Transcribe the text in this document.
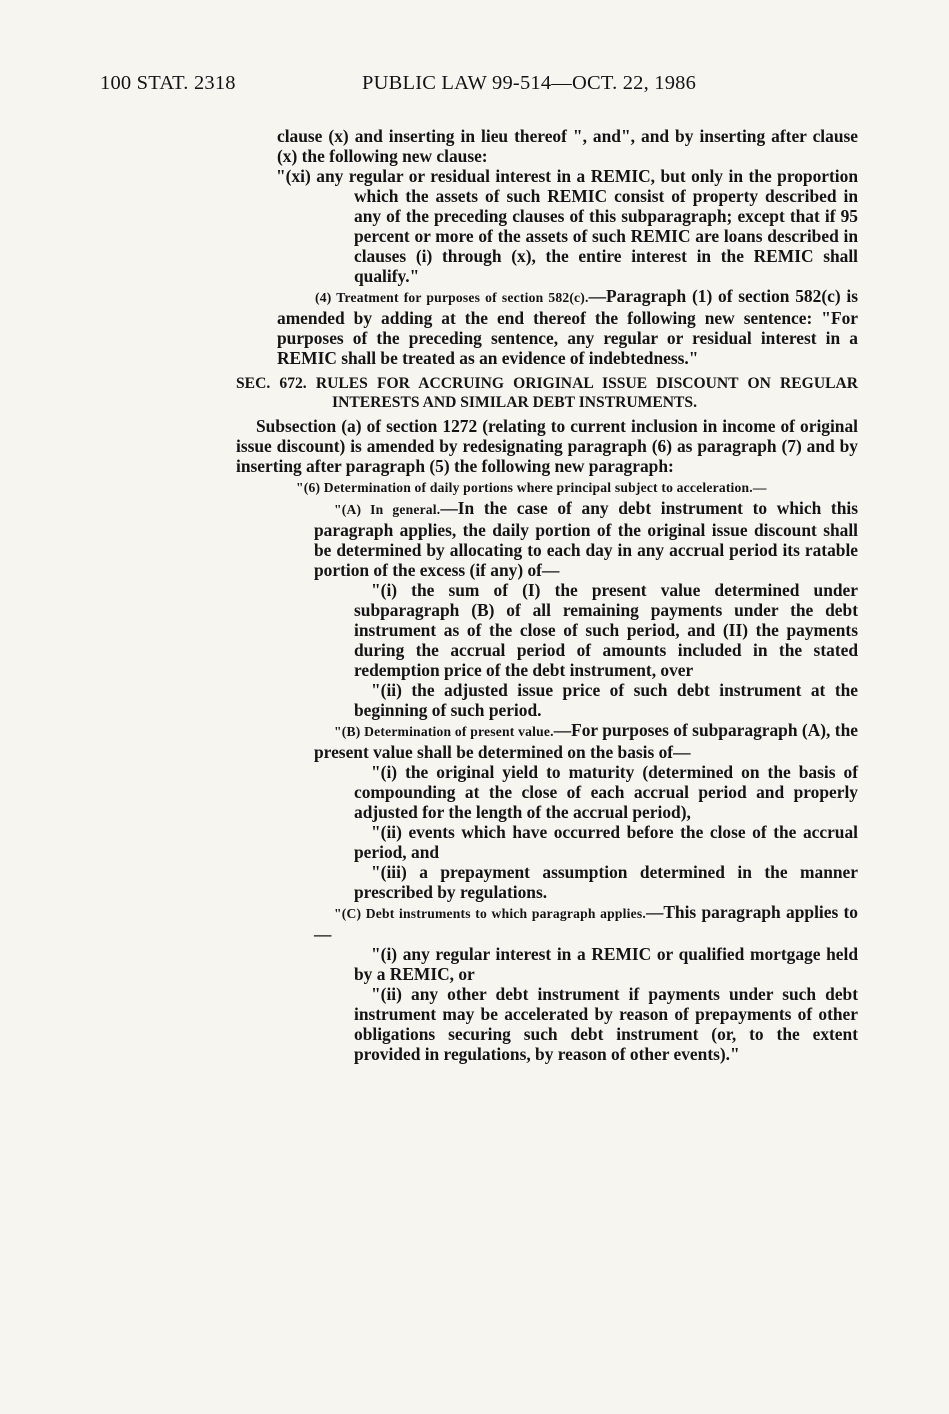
100 STAT. 2318	PUBLIC LAW 99-514—OCT. 22, 1986

clause (x) and inserting in lieu thereof ", and", and by inserting after clause (x) the following new clause:

"(xi) any regular or residual interest in a REMIC, but only in the proportion which the assets of such REMIC consist of property described in any of the preceding clauses of this subparagraph; except that if 95 percent or more of the assets of such REMIC are loans described in clauses (i) through (x), the entire interest in the REMIC shall qualify."

(4) Treatment for purposes of section 582(c).—Paragraph (1) of section 582(c) is amended by adding at the end thereof the following new sentence: "For purposes of the preceding sentence, any regular or residual interest in a REMIC shall be treated as an evidence of indebtedness."

SEC. 672. RULES FOR ACCRUING ORIGINAL ISSUE DISCOUNT ON REGULAR INTERESTS AND SIMILAR DEBT INSTRUMENTS.

Subsection (a) of section 1272 (relating to current inclusion in income of original issue discount) is amended by redesignating paragraph (6) as paragraph (7) and by inserting after paragraph (5) the following new paragraph:

"(6) Determination of daily portions where principal subject to acceleration.—

"(A) In general.—In the case of any debt instrument to which this paragraph applies, the daily portion of the original issue discount shall be determined by allocating to each day in any accrual period its ratable portion of the excess (if any) of—

"(i) the sum of (I) the present value determined under subparagraph (B) of all remaining payments under the debt instrument as of the close of such period, and (II) the payments during the accrual period of amounts included in the stated redemption price of the debt instrument, over

"(ii) the adjusted issue price of such debt instrument at the beginning of such period.

"(B) Determination of present value.—For purposes of subparagraph (A), the present value shall be determined on the basis of—

"(i) the original yield to maturity (determined on the basis of compounding at the close of each accrual period and properly adjusted for the length of the accrual period),

"(ii) events which have occurred before the close of the accrual period, and

"(iii) a prepayment assumption determined in the manner prescribed by regulations.

"(C) Debt instruments to which paragraph applies.—This paragraph applies to—

"(i) any regular interest in a REMIC or qualified mortgage held by a REMIC, or

"(ii) any other debt instrument if payments under such debt instrument may be accelerated by reason of prepayments of other obligations securing such debt instrument (or, to the extent provided in regulations, by reason of other events)."
